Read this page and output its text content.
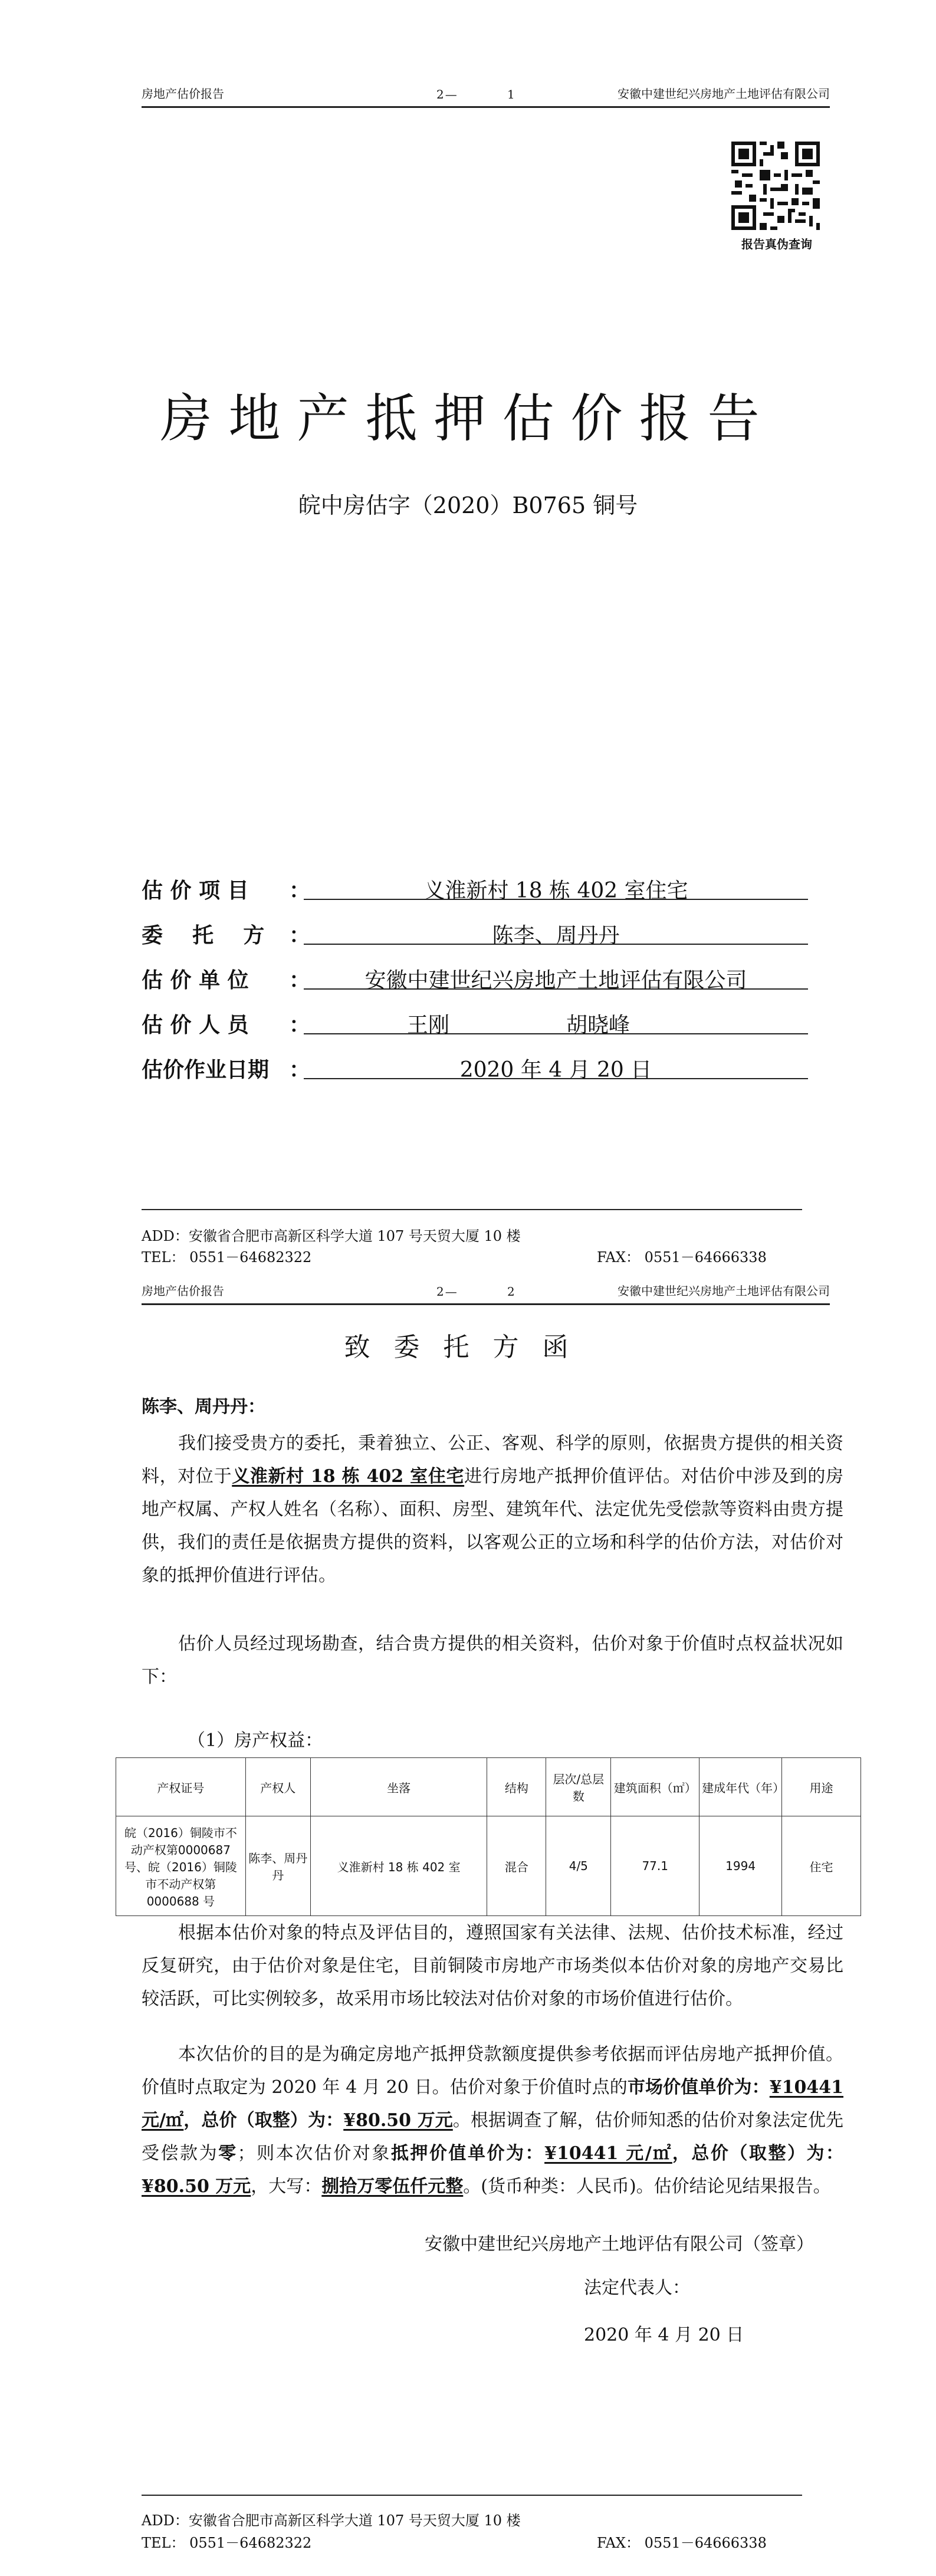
房地产估价报告	2—	1	安徽中建世纪兴房地产土地评估有限公司
报告真伪查询
房地产抵押估价报告
皖中房估字（2020）B0765 铜号
估 价 项 目 ：	义淮新村 18 栋 402 室住宅
委    托    方 ：	陈李、周丹丹
估 价 单 位 ：	安徽中建世纪兴房地产土地评估有限公司
估 价 人 员 ：	王刚	胡晓峰
估价作业日期 ：	2020 年 4 月 20 日
ADD：安徽省合肥市高新区科学大道 107 号天贸大厦 10 楼
TEL： 0551－64682322	FAX： 0551－64666338
房地产估价报告	2—	2	安徽中建世纪兴房地产土地评估有限公司
致委托方函
陈李、周丹丹：
我们接受贵方的委托，秉着独立、公正、客观、科学的原则，依据贵方提供的相关资料，对位于义淮新村 18 栋 402 室住宅进行房地产抵押价值评估。对估价中涉及到的房地产权属、产权人姓名（名称）、面积、房型、建筑年代、法定优先受偿款等资料由贵方提供，我们的责任是依据贵方提供的资料，以客观公正的立场和科学的估价方法，对估价对象的抵押价值进行评估。
估价人员经过现场勘查，结合贵方提供的相关资料，估价对象于价值时点权益状况如下：
（1）房产权益：
产权证号	产权人	坐落	结构	层次/总层数	建筑面积（㎡）	建成年代（年）	用途
皖（2016）铜陵市不动产权第0000687 号、皖（2016）铜陵市不动产权第 0000688 号	陈李、周丹丹	义淮新村 18 栋 402 室	混合	4/5	77.1	1994	住宅
根据本估价对象的特点及评估目的，遵照国家有关法律、法规、估价技术标准，经过反复研究，由于估价对象是住宅，目前铜陵市房地产市场类似本估价对象的房地产交易比较活跃，可比实例较多，故采用市场比较法对估价对象的市场价值进行估价。
本次估价的目的是为确定房地产抵押贷款额度提供参考依据而评估房地产抵押价值。价值时点取定为 2020 年 4 月 20 日。估价对象于价值时点的市场价值单价为：¥10441 元/㎡，总价（取整）为：¥80.50 万元。根据调查了解，估价师知悉的估价对象法定优先受偿款为零；则本次估价对象抵押价值单价为：¥10441 元/㎡，总价（取整）为：¥80.50 万元，大写：捌拾万零伍仟元整。(货币种类：人民币)。估价结论见结果报告。
安徽中建世纪兴房地产土地评估有限公司（签章）
法定代表人：
2020 年 4 月 20 日
ADD：安徽省合肥市高新区科学大道 107 号天贸大厦 10 楼
TEL： 0551－64682322	FAX： 0551－64666338
